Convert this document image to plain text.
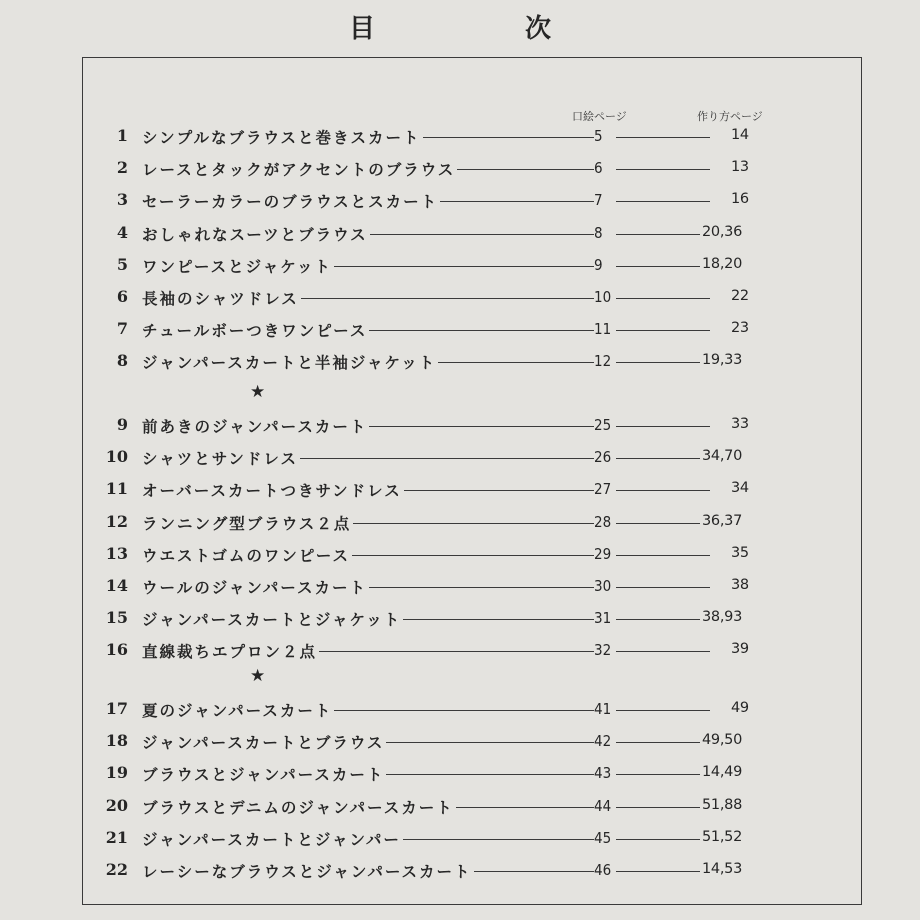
目　次
口絵ページ	作り方ページ
1 シンプルなブラウスと巻きスカート	5	14
2 レースとタックがアクセントのブラウス	6	13
3 セーラーカラーのブラウスとスカート	7	16
4 おしゃれなスーツとブラウス	8	20,36
5 ワンピースとジャケット	9	18,20
6 長袖のシャツドレス	10	22
7 チュールボーつきワンピース	11	23
8 ジャンパースカートと半袖ジャケット	12	19,33
9 前あきのジャンパースカート	25	33
10 シャツとサンドレス	26	34,70
11 オーバースカートつきサンドレス	27	34
12 ランニング型ブラウス２点	28	36,37
13 ウエストゴムのワンピース	29	35
14 ウールのジャンパースカート	30	38
15 ジャンパースカートとジャケット	31	38,93
16 直線裁ちエプロン２点	32	39
17 夏のジャンパースカート	41	49
18 ジャンパースカートとブラウス	42	49,50
19 ブラウスとジャンパースカート	43	14,49
20 ブラウスとデニムのジャンパースカート	44	51,88
21 ジャンパースカートとジャンパー	45	51,52
22 レーシーなブラウスとジャンパースカート	46	14,53
★
★
